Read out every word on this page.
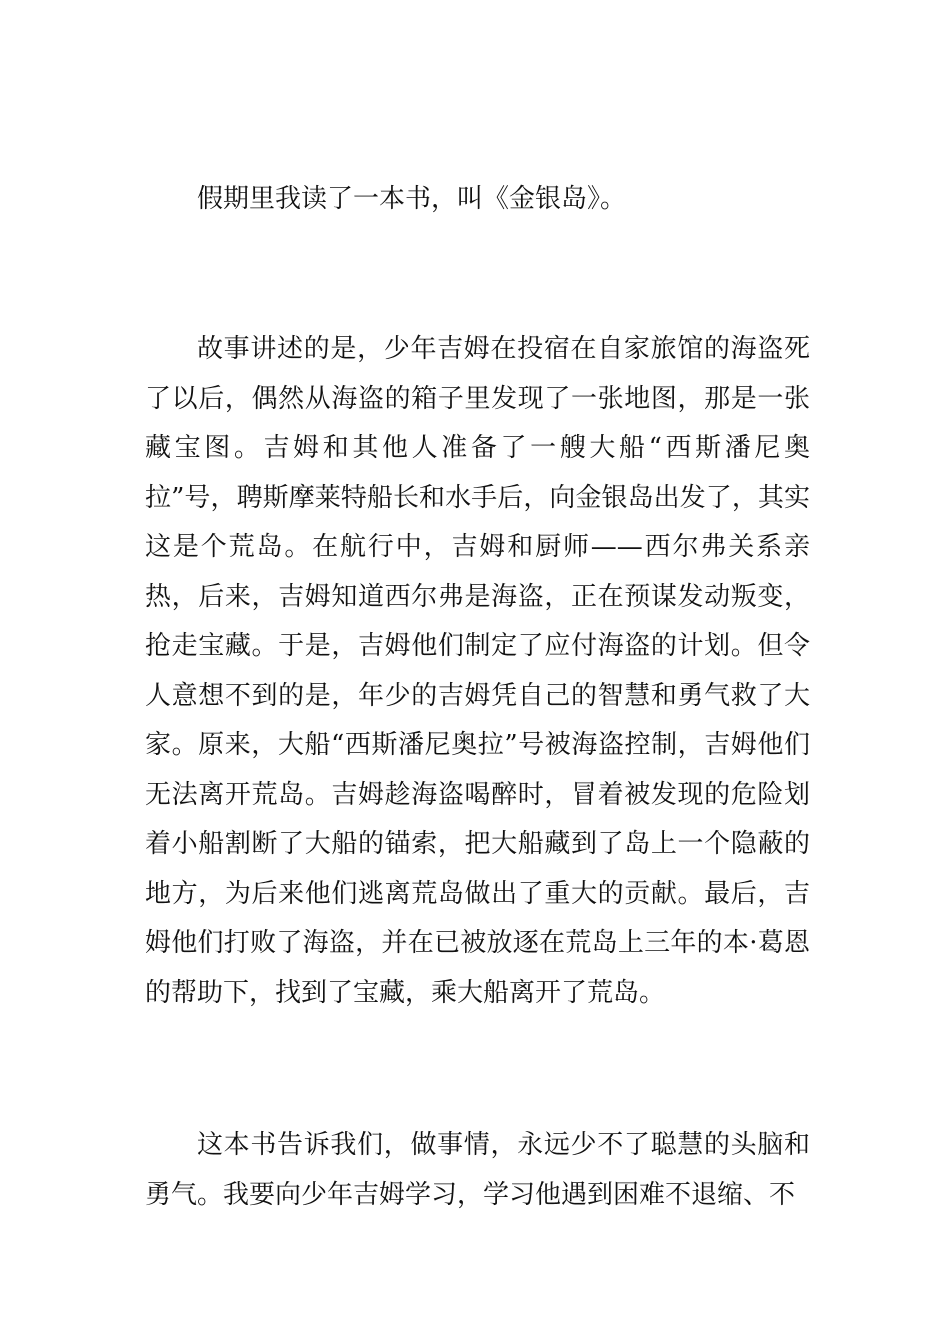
假期里我读了一本书，叫《金银岛》。

故事讲述的是，少年吉姆在投宿在自家旅馆的海盗死了以后，偶然从海盗的箱子里发现了一张地图，那是一张藏宝图。吉姆和其他人准备了一艘大船“西斯潘尼奥拉”号，聘斯摩莱特船长和水手后，向金银岛出发了，其实这是个荒岛。在航行中，吉姆和厨师——西尔弗关系亲热，后来，吉姆知道西尔弗是海盗，正在预谋发动叛变，抢走宝藏。于是，吉姆他们制定了应付海盗的计划。但令人意想不到的是，年少的吉姆凭自己的智慧和勇气救了大家。原来，大船“西斯潘尼奥拉”号被海盗控制，吉姆他们无法离开荒岛。吉姆趁海盗喝醉时，冒着被发现的危险划着小船割断了大船的锚索，把大船藏到了岛上一个隐蔽的地方，为后来他们逃离荒岛做出了重大的贡献。最后，吉姆他们打败了海盗，并在已被放逐在荒岛上三年的本·葛恩的帮助下，找到了宝藏，乘大船离开了荒岛。

这本书告诉我们，做事情，永远少不了聪慧的头脑和勇气。我要向少年吉姆学习，学习他遇到困难不退缩、不
